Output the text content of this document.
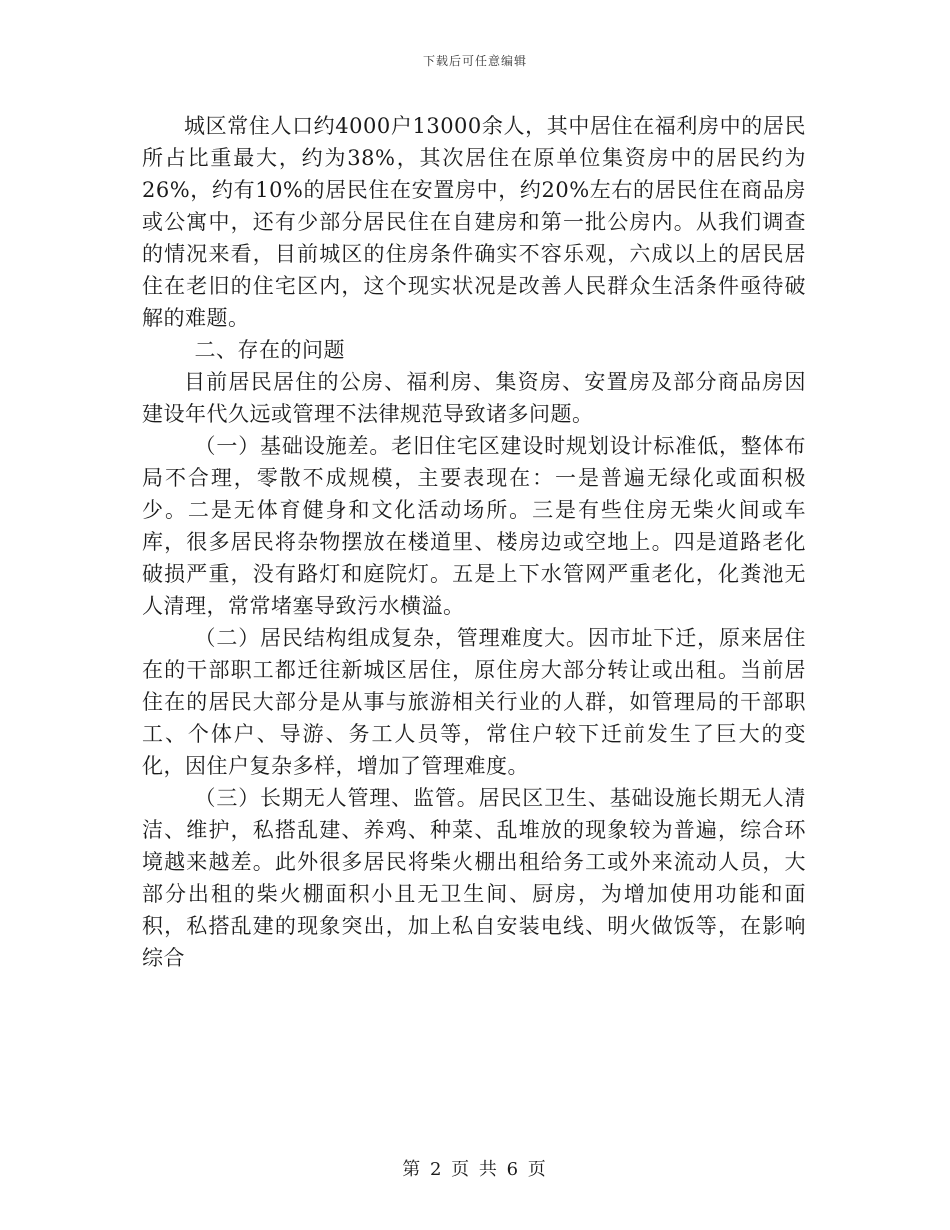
下载后可任意编辑

城区常住人口约4000户13000余人，其中居住在福利房中的居民所占比重最大，约为38%，其次居住在原单位集资房中的居民约为26%，约有10%的居民住在安置房中，约20%左右的居民住在商品房或公寓中，还有少部分居民住在自建房和第一批公房内。从我们调查的情况来看，目前城区的住房条件确实不容乐观，六成以上的居民居住在老旧的住宅区内，这个现实状况是改善人民群众生活条件亟待破解的难题。

二、存在的问题

目前居民居住的公房、福利房、集资房、安置房及部分商品房因建设年代久远或管理不法律规范导致诸多问题。

（一）基础设施差。老旧住宅区建设时规划设计标准低，整体布局不合理，零散不成规模，主要表现在：一是普遍无绿化或面积极少。二是无体育健身和文化活动场所。三是有些住房无柴火间或车库，很多居民将杂物摆放在楼道里、楼房边或空地上。四是道路老化破损严重，没有路灯和庭院灯。五是上下水管网严重老化，化粪池无人清理，常常堵塞导致污水横溢。

（二）居民结构组成复杂，管理难度大。因市址下迁，原来居住在的干部职工都迁往新城区居住，原住房大部分转让或出租。当前居住在的居民大部分是从事与旅游相关行业的人群，如管理局的干部职工、个体户、导游、务工人员等，常住户较下迁前发生了巨大的变化，因住户复杂多样，增加了管理难度。

（三）长期无人管理、监管。居民区卫生、基础设施长期无人清洁、维护，私搭乱建、养鸡、种菜、乱堆放的现象较为普遍，综合环境越来越差。此外很多居民将柴火棚出租给务工或外来流动人员，大部分出租的柴火棚面积小且无卫生间、厨房，为增加使用功能和面积，私搭乱建的现象突出，加上私自安装电线、明火做饭等，在影响综合

第 2 页 共 6 页
